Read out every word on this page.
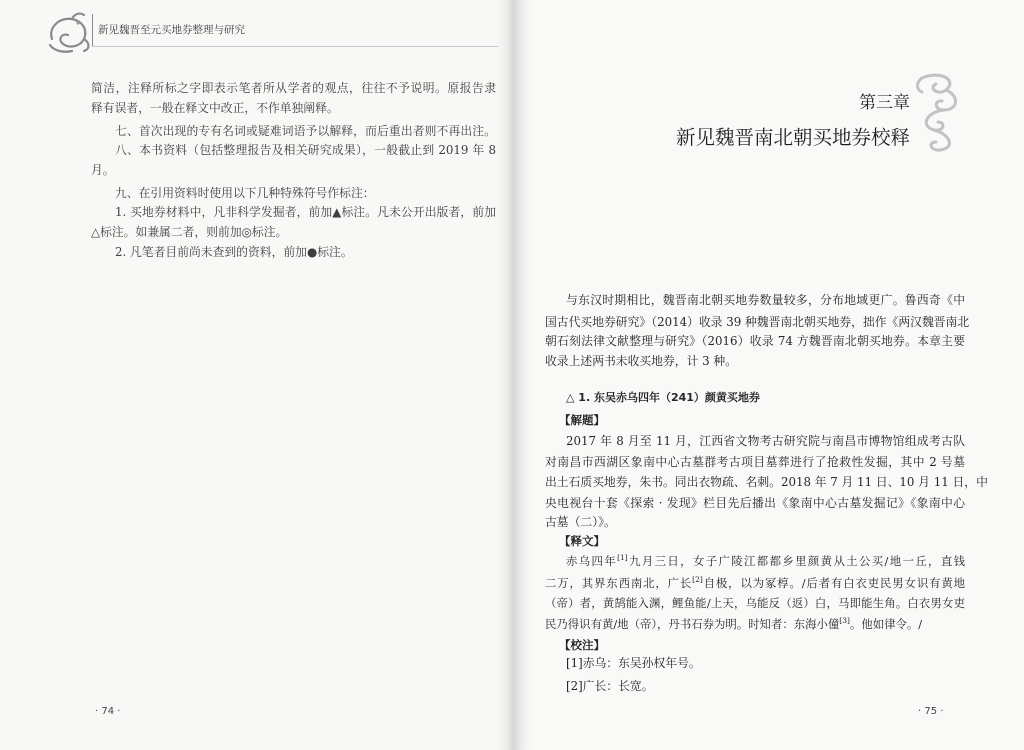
新见魏晋至元买地券整理与研究
简洁，注释所标之字即表示笔者所从学者的观点，往往不予说明。原报告隶
释有误者，一般在释文中改正，不作单独阐释。
七、首次出现的专有名词或疑难词语予以解释，而后重出者则不再出注。
八、本书资料（包括整理报告及相关研究成果），一般截止到 2019 年 8
月。
九、在引用资料时使用以下几种特殊符号作标注：
1. 买地券材料中，凡非科学发掘者，前加▲标注。凡未公开出版者，前加
△标注。如兼属二者，则前加◎标注。
2. 凡笔者目前尚未查到的资料，前加●标注。
· 74 ·
第三章
新见魏晋南北朝买地券校释
与东汉时期相比，魏晋南北朝买地券数量较多，分布地域更广。鲁西奇《中
国古代买地券研究》（2014）收录 39 种魏晋南北朝买地券，拙作《两汉魏晋南北
朝石刻法律文献整理与研究》（2016）收录 74 方魏晋南北朝买地券。本章主要
收录上述两书未收买地券，计 3 种。
△ 1. 东吴赤乌四年（241）颜黄买地券
【解题】
2017 年 8 月至 11 月，江西省文物考古研究院与南昌市博物馆组成考古队
对南昌市西湖区象南中心古墓群考古项目墓葬进行了抢救性发掘，其中 2 号墓
出土石质买地券，朱书。同出衣物疏、名刺。2018 年 7 月 11 日、10 月 11 日，中
央电视台十套《探索 · 发现》栏目先后播出《象南中心古墓发掘记》《象南中心
古墓（二）》。
【释文】
赤乌四年[1]九月三日，女子广陵江都都乡里颜黄从土公买/地一丘，直钱
二万，其界东西南北，广长[2]自极，以为冢椁。/后者有白衣吏民男女识有黄地
（帝）者，黄鹄能入渊，鲤鱼能/上天，乌能反（返）白，马即能生角。白衣男女吏
民乃得识有黄/地（帝），丹书石券为明。时知者：东海小僮[3]。他如律令。/
【校注】
[1]赤乌：东吴孙权年号。
[2]广长：长宽。
· 75 ·
